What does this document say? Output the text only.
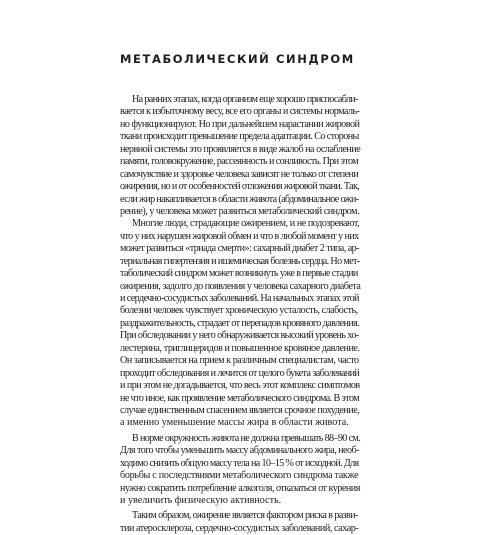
МЕТАБОЛИЧЕСКИЙ СИНДРОМ
На ранних этапах, когда организм еще хорошо приспосабли-
вается к избыточному весу, все его органы и системы нормаль-
но функционируют. Но при дальнейшем нарастании жировой
ткани происходит превышение предела адаптации. Со стороны
нервной системы это проявляется в виде жалоб на ослабление
памяти, головокружение, рассеянность и сонливость. При этом
самочувствие и здоровье человека зависят не только от степени
ожирения, но и от особенностей отложения жировой ткани. Так,
если жир накапливается в области живота (абдоминальное ожи-
рение), у человека может развиться метаболический синдром.
Многие люди, страдающие ожирением, и не подозревают,
что у них нарушен жировой обмен и что в любой момент у них
может развиться «триада смерти»: сахарный диабет 2 типа, ар-
териальная гипертензия и ишемическая болезнь сердца. Но мет-
таболический синдром может возникнуть уже в первые стадии
ожирения, задолго до появления у человека сахарного диабета
и сердечно-сосудистых заболеваний. На начальных этапах этой
болезни человек чувствует хроническую усталость, слабость,
раздражительность, страдает от перепадов кровяного давления.
При обследовании у него обнаруживается высокий уровень хо-
лестерина, триглицеридов и повышенное кровяное давление.
Он записывается на прием к различным специалистам, часто
проходит обследования и лечится от целого букета заболеваний
и при этом не догадывается, что весь этот комплекс симптомов
не что иное, как проявление метаболического синдрома. В этом
случае единственным спасением является срочное похудение,
а именно уменьшение массы жира в области живота.
В норме окружность живота не должна превышать 88–90 см.
Для того чтобы уменьшить массу абдоминального жира, необ-
ходимо снизить общую массу тела на 10–15 % от исходной. Для
борьбы с последствиями метаболического синдрома также
нужно сократить потребление алкоголя, отказаться от курения
и увеличить физическую активность.
Таким образом, ожирение является фактором риска в разви-
тии атеросклероза, сердечно-сосудистых заболеваний, сахар-
